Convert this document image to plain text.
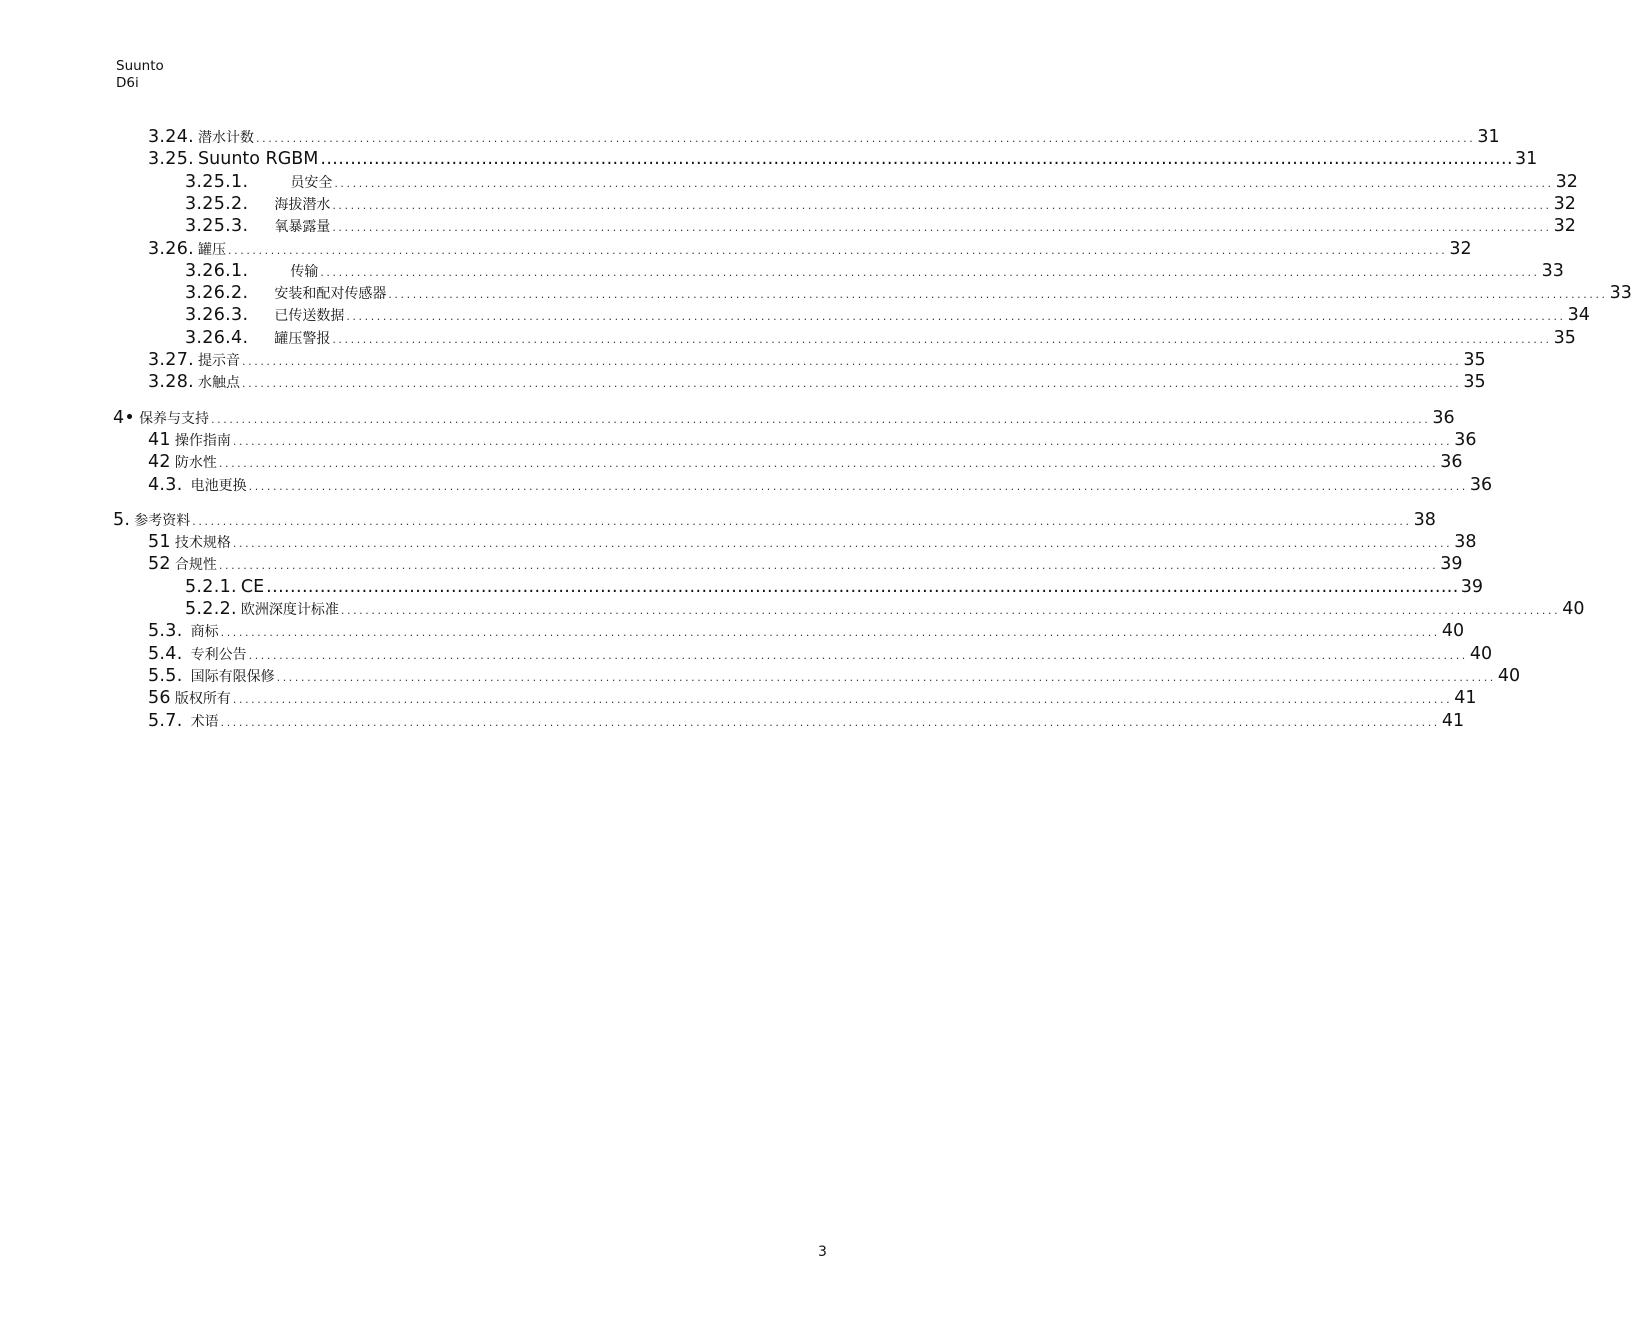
Suunto
D6i
3.24. 潜水计数 ........................................................................................................................................................................................................ 31
3.25. Suunto RGBM ........................................................................................................................................................................................................ 31
3.25.1.	员安全 ........................................................................................................................................................................................................ 32
3.25.2.	海拔潜水 ........................................................................................................................................................................................................ 32
3.25.3.	氧暴露量 ........................................................................................................................................................................................................ 32
3.26. 罐压 ........................................................................................................................................................................................................ 32
3.26.1.	传输 ........................................................................................................................................................................................................ 33
3.26.2.	安装和配对传感器 ........................................................................................................................................................................................................ 33
3.26.3.	已传送数据 ........................................................................................................................................................................................................ 34
3.26.4.	罐压警报 ........................................................................................................................................................................................................ 35
3.27. 提示音 ........................................................................................................................................................................................................ 35
3.28. 水触点 ........................................................................................................................................................................................................ 35
4• 保养与支持 ........................................................................................................................................................................................................ 36
41 操作指南 ........................................................................................................................................................................................................ 36
42 防水性 ........................................................................................................................................................................................................ 36
4.3. 电池更换 ........................................................................................................................................................................................................ 36
5. 参考资料 ........................................................................................................................................................................................................ 38
51 技术规格 ........................................................................................................................................................................................................ 38
52 合规性 ........................................................................................................................................................................................................ 39
5.2.1. CE ........................................................................................................................................................................................................ 39
5.2.2. 欧洲深度计标准 ........................................................................................................................................................................................................ 40
5.3. 商标 ........................................................................................................................................................................................................ 40
5.4. 专利公告 ........................................................................................................................................................................................................ 40
5.5. 国际有限保修 ........................................................................................................................................................................................................ 40
56 版权所有 ........................................................................................................................................................................................................ 41
5.7. 术语 ........................................................................................................................................................................................................ 41
3
